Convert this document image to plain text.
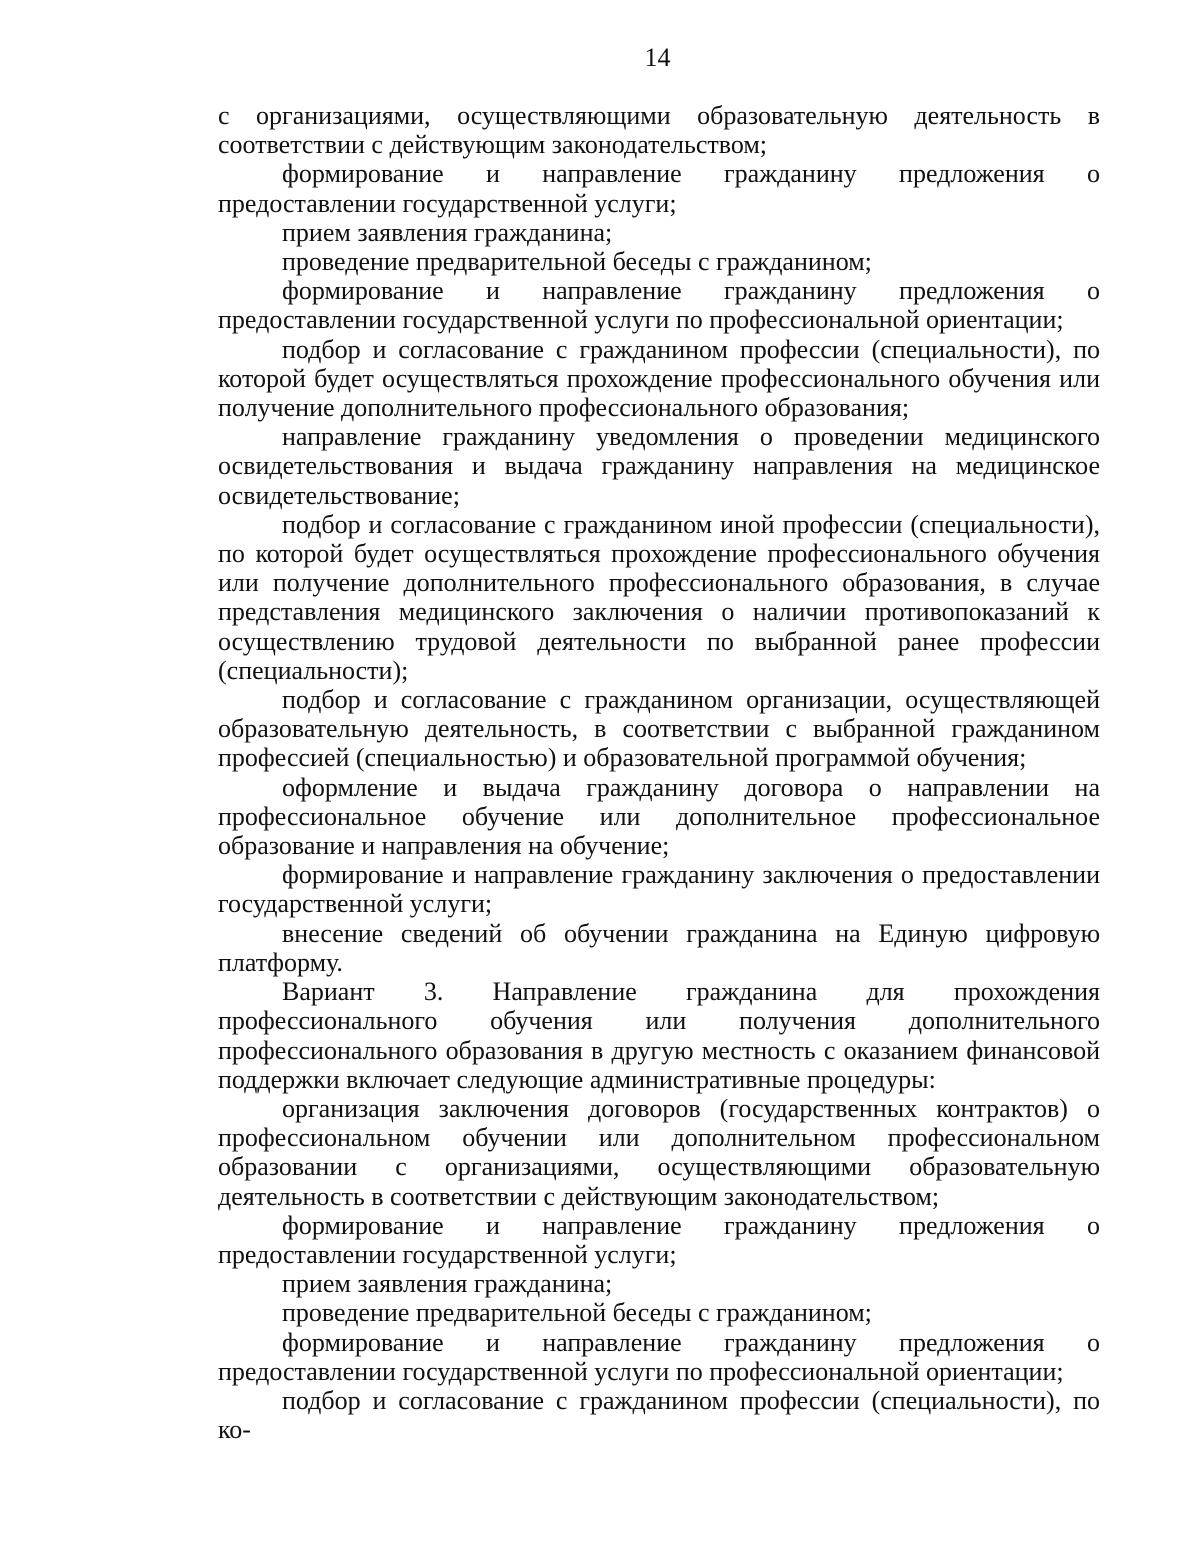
14

с организациями, осуществляющими образовательную деятельность в соответствии с действующим законодательством;

формирование и направление гражданину предложения о предоставлении государственной услуги;

прием заявления гражданина;

проведение предварительной беседы с гражданином;

формирование и направление гражданину предложения о предоставлении государственной услуги по профессиональной ориентации;

подбор и согласование с гражданином профессии (специальности), по которой будет осуществляться прохождение профессионального обучения или получение дополнительного профессионального образования;

направление гражданину уведомления о проведении медицинского освидетельствования и выдача гражданину направления на медицинское освидетельствование;

подбор и согласование с гражданином иной профессии (специальности), по которой будет осуществляться прохождение профессионального обучения или получение дополнительного профессионального образования, в случае представления медицинского заключения о наличии противопоказаний к осуществлению трудовой деятельности по выбранной ранее профессии (специальности);

подбор и согласование с гражданином организации, осуществляющей образовательную деятельность, в соответствии с выбранной гражданином профессией (специальностью) и образовательной программой обучения;

оформление и выдача гражданину договора о направлении на профессиональное обучение или дополнительное профессиональное образование и направления на обучение;

формирование и направление гражданину заключения о предоставлении государственной услуги;

внесение сведений об обучении гражданина на Единую цифровую платформу.

Вариант 3. Направление гражданина для прохождения профессионального обучения или получения дополнительного профессионального образования в другую местность с оказанием финансовой поддержки включает следующие административные процедуры:

организация заключения договоров (государственных контрактов) о профессиональном обучении или дополнительном профессиональном образовании с организациями, осуществляющими образовательную деятельность в соответствии с действующим законодательством;

формирование и направление гражданину предложения о предоставлении государственной услуги;

прием заявления гражданина;

проведение предварительной беседы с гражданином;

формирование и направление гражданину предложения о предоставлении государственной услуги по профессиональной ориентации;

подбор и согласование с гражданином профессии (специальности), по ко-
